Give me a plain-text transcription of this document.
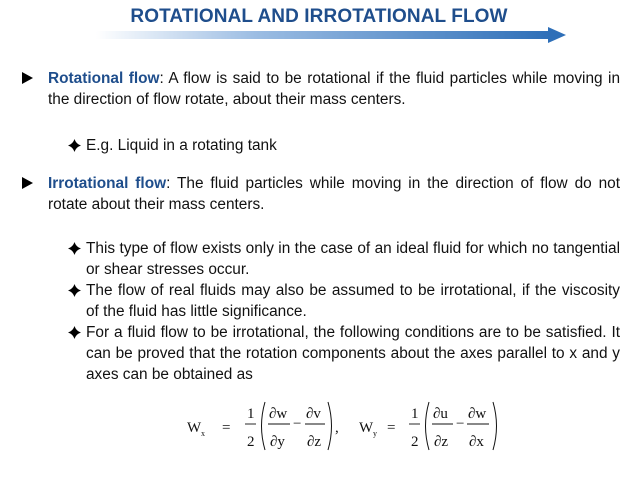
ROTATIONAL AND IRROTATIONAL FLOW
Rotational flow: A flow is said to be rotational if the fluid particles while moving in the direction of flow rotate, about their mass centers.
E.g. Liquid in a rotating tank
Irrotational flow: The fluid particles while moving in the direction of flow do not rotate about their mass centers.
This type of flow exists only in the case of an ideal fluid for which no tangential or shear stresses occur.
The flow of real fluids may also be assumed to be irrotational, if the viscosity of the fluid has little significance.
For a fluid flow to be irrotational, the following conditions are to be satisfied. It can be proved that the rotation components about the axes parallel to x and y axes can be obtained as
W x =
1
2
∂w
∂y
−
∂v
∂z
, W y =
1
2
∂u
∂z
−
∂w
∂x
